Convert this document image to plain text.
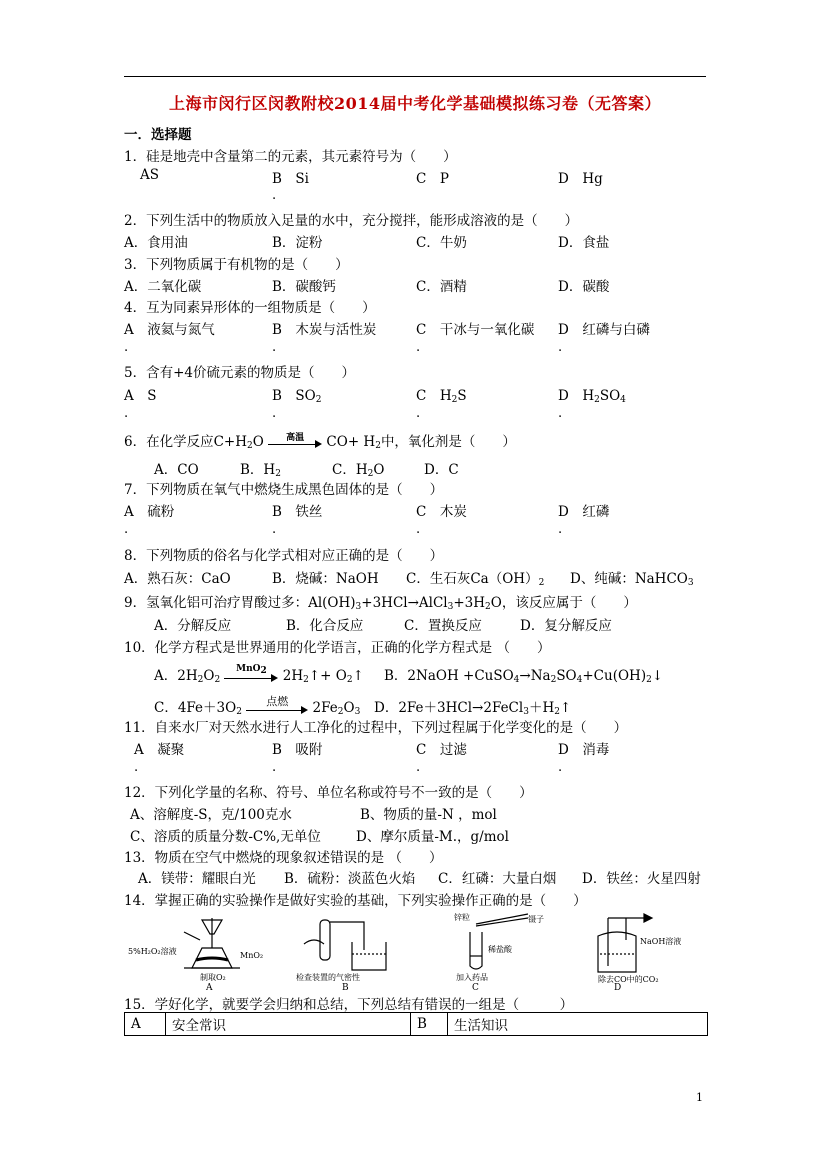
上海市闵行区闵教附校2014届中考化学基础模拟练习卷（无答案）
一．选择题
1．硅是地壳中含量第二的元素，其元素符号为（　　）
AS	B　Si	C　P	D　Hg
.
2．下列生活中的物质放入足量的水中，充分搅拌，能形成溶液的是（　　）
A．食用油	B．淀粉	C．牛奶	D．食盐
3．下列物质属于有机物的是（　　）
A．二氧化碳	B．碳酸钙	C．酒精	D．碳酸
4．互为同素异形体的一组物质是（　　）
A　液氦与氮气	B　木炭与活性炭	C　干冰与一氧化碳 D　红磷与白磷
.	.	.	.
5．含有+4价硫元素的物质是（　　）
A　S	B　$SO_2$	C　$H_2S$	D　$H_2SO_4$
.	.	.	.
6．在化学反应$C+H_2O$	高温	$CO+ H_2$中，氧化剂是（　　）
A．CO	B．$H_2$	C．$H_2O$	D．C
7．下列物质在氧气中燃烧生成黑色固体的是（　　）
A　硫粉	B　铁丝	C　木炭	D　红磷
.	.	.	.
8．下列物质的俗名与化学式相对应正确的是（　　）
A．熟石灰：CaO	B．烧碱：NaOH C．生石灰$Ca(OH)_2$ D、纯碱：NaHCO$_3$
9．氢氧化铝可治疗胃酸过多：$Al(OH)_3+3HCl\to AlCl_3+3H_2O$，该反应属于（　　）
A．分解反应	B．化合反应	C．置换反应	D．复分解反应
10．化学方程式是世界通用的化学语言，正确的化学方程式是 （　　）
A．$2H_2O_2$
MnO2	$2H_2↑+$ $O_2↑$ B．2NaOH $+CuSO_4\to Na_2SO_4+Cu(OH)_2↓$
C．$4Fe+3O_2$
点燃	$2Fe_2O_3$ D．$2Fe+3HCl\to 2FeCl_3+H_2↑$
11．自来水厂对天然水进行人工净化的过程中，下列过程属于化学变化的是（　　）
A　凝聚	B　吸附	C　过滤	D　消毒
.	.	.	.
12．下列化学量的名称、符号、单位名称或符号不一致的是（　　）
A、溶解度-S，克/100克水	B、物质的量-N ，mol
C、溶质的质量分数-C%,无单位	D、摩尔质量-M.，g/mol
13．物质在空气中燃烧的现象叙述错误的是 （　　）
A．镁带：耀眼白光 B．硫粉：淡蓝色火焰 C．红磷：大量白烟 D．铁丝：火星四射
14．掌握正确的实验操作是做好实验的基础，下列实验操作正确的是（　　）
5%H₂O₂溶液	MnO₂
制取O₂
A
检查装置的气密性
B
锌粒	镊子
稀盐酸
加入药品
C
NaOH溶液
除去CO中的CO₂
D
15．学好化学，就要学会归纳和总结，下列总结有错误的一组是（　　　）
A	安全常识	B	生活知识
1
